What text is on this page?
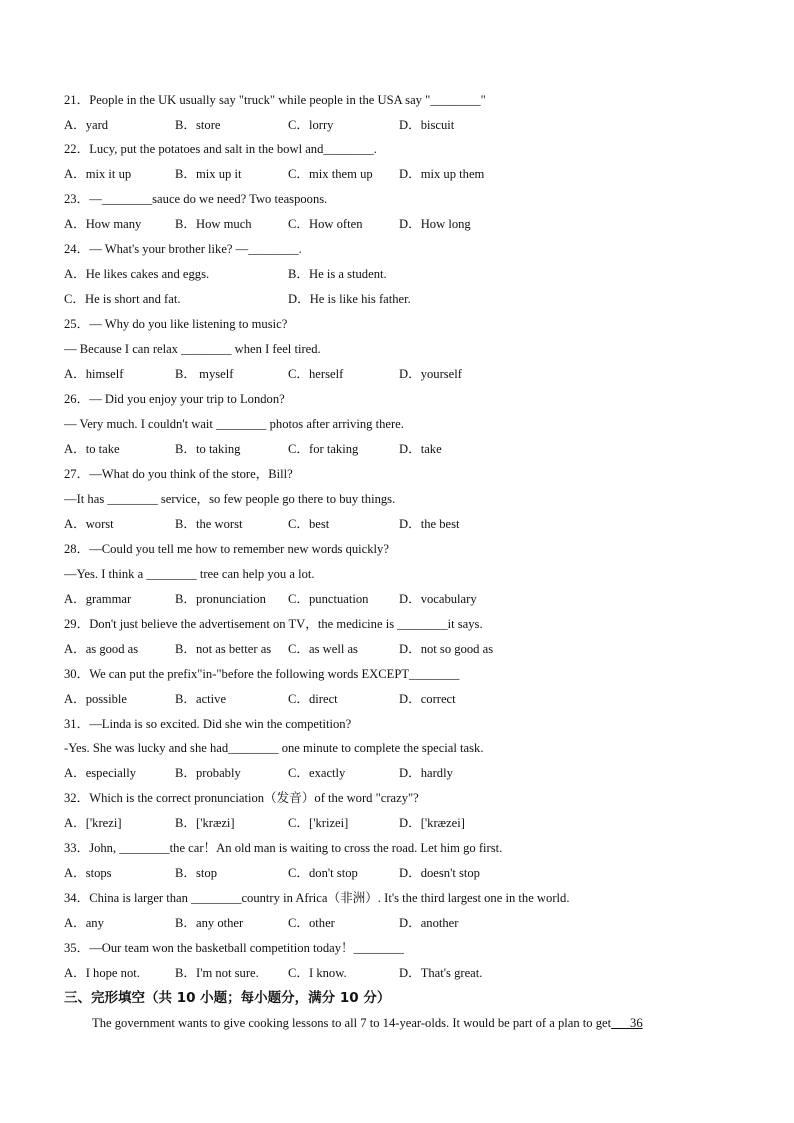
21．People in the UK usually say "truck" while people in the USA say "________"
A．yard	B．store	C．lorry	D．biscuit
22．Lucy, put the potatoes and salt in the bowl and________.
A．mix it up	B．mix up it	C．mix them up D．mix up them
23．—________sauce do we need? Two teaspoons.
A．How many	B．How much	C．How often	D．How long
24．— What's your brother like? —________.
A．He likes cakes and eggs.	B．He is a student.
C．He is short and fat.	D．He is like his father.
25．— Why do you like listening to music?
— Because I can relax ________ when I feel tired.
A．himself	B． myself	C．herself	D．yourself
26．— Did you enjoy your trip to London?
— Very much. I couldn't wait ________ photos after arriving there.
A．to take	B．to taking	C．for taking	D．take
27．—What do you think of the store，Bill?
—It has ________ service，so few people go there to buy things.
A．worst	B．the worst	C．best	D．the best
28．—Could you tell me how to remember new words quickly?
—Yes. I think a ________ tree can help you a lot.
A．grammar	B．pronunciation C．punctuation D．vocabulary
29．Don't just believe the advertisement on TV，the medicine is ________it says.
A．as good as	B．not as better as C．as well as	D．not so good as
30．We can put the prefix"in-"before the following words EXCEPT________
A．possible	B．active	C．direct	D．correct
31．—Linda is so excited. Did she win the competition?
-Yes. She was lucky and she had________ one minute to complete the special task.
A．especially	B．probably	C．exactly	D．hardly
32．Which is the correct pronunciation（发音）of the word "crazy"?
A．['krezi]	B．['kræzi]	C．['krizei]	D．['kræzei]
33．John, ________the car！An old man is waiting to cross the road. Let him go first.
A．stops	B．stop	C．don't stop	D．doesn't stop
34．China is larger than ________country in Africa（非洲）. It's the third largest one in the world.
A．any	B．any other	C．other	D．another
35．—Our team won the basketball competition today！________
A．I hope not.	B．I'm not sure. C．I know.	D．That's great.
三、完形填空（共 10 小题；每小题分，满分 10 分）
The government wants to give cooking lessons to all 7 to 14-year-olds. It would be part of a plan to get 36
